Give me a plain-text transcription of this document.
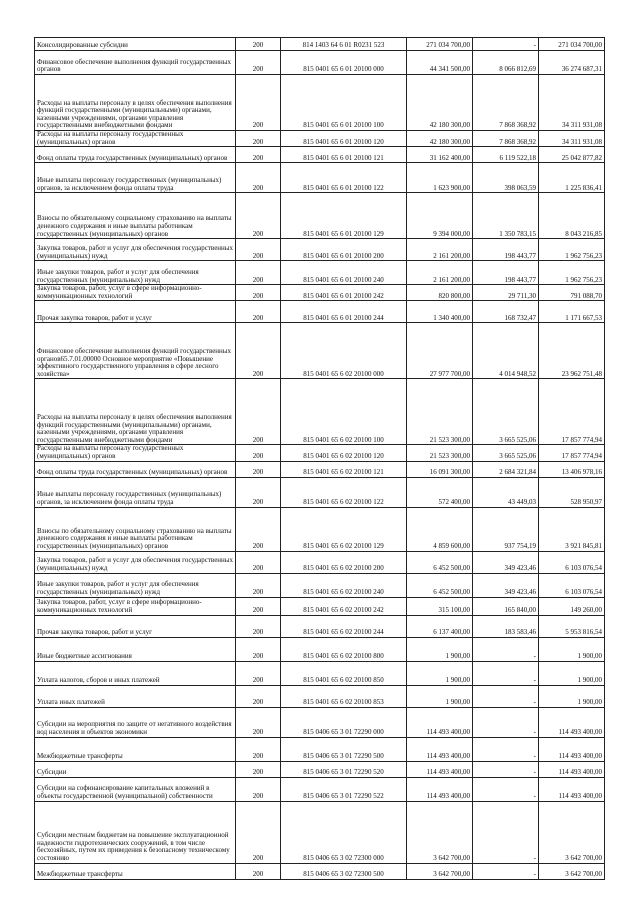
Консолидированные субсидии	200	814 1403 64 6 01 R0231 523	271 034 700,00	-	271 034 700,00
Финансовое обеспечение выполнения функций государственных органов	200	815 0401 65 6 01 20100 000	44 341 500,00	8 066 812,69	36 274 687,31
Расходы на выплаты персоналу в целях обеспечения выполнения функций государственными (муниципальными) органами, казенными учреждениями, органами управления государственными внебюджетными фондами	200	815 0401 65 6 01 20100 100	42 180 300,00	7 868 368,92	34 311 931,08
Расходы на выплаты персоналу государственных (муниципальных) органов	200	815 0401 65 6 01 20100 120	42 180 300,00	7 868 368,92	34 311 931,08
Фонд оплаты труда государственных (муниципальных) органов	200	815 0401 65 6 01 20100 121	31 162 400,00	6 119 522,18	25 042 877,82
Иные выплаты персоналу государственных (муниципальных) органов, за исключением фонда оплаты труда	200	815 0401 65 6 01 20100 122	1 623 900,00	398 063,59	1 225 836,41
Взносы по обязательному социальному страхованию на выплаты денежного содержания и иные выплаты работникам государственных (муниципальных) органов	200	815 0401 65 6 01 20100 129	9 394 000,00	1 350 783,15	8 043 216,85
Закупка товаров, работ и услуг для обеспечения государственных (муниципальных) нужд	200	815 0401 65 6 01 20100 200	2 161 200,00	198 443,77	1 962 756,23
Иные закупки товаров, работ и услуг для обеспечения государственных (муниципальных) нужд	200	815 0401 65 6 01 20100 240	2 161 200,00	198 443,77	1 962 756,23
Закупка товаров, работ, услуг в сфере информационно-коммуникационных технологий	200	815 0401 65 6 01 20100 242	820 800,00	29 711,30	791 088,70
Прочая закупка товаров, работ и услуг	200	815 0401 65 6 01 20100 244	1 340 400,00	168 732,47	1 171 667,53
Финансовое обеспечение выполнения функций государственных органов65.7.01.00000 Основное мероприятие «Повышение эффективного государственного управления в сфере лесного хозяйства»	200	815 0401 65 6 02 20100 000	27 977 700,00	4 014 948,52	23 962 751,48
Расходы на выплаты персоналу в целях обеспечения выполнения функций государственными (муниципальными) органами, казенными учреждениями, органами управления государственными внебюджетными фондами	200	815 0401 65 6 02 20100 100	21 523 300,00	3 665 525,06	17 857 774,94
Расходы на выплаты персоналу государственных (муниципальных) органов	200	815 0401 65 6 02 20100 120	21 523 300,00	3 665 525,06	17 857 774,94
Фонд оплаты труда государственных (муниципальных) органов	200	815 0401 65 6 02 20100 121	16 091 300,00	2 684 321,84	13 406 978,16
Иные выплаты персоналу государственных (муниципальных) органов, за исключением фонда оплаты труда	200	815 0401 65 6 02 20100 122	572 400,00	43 449,03	528 950,97
Взносы по обязательному социальному страхованию на выплаты денежного содержания и иные выплаты работникам государственных (муниципальных) органов	200	815 0401 65 6 02 20100 129	4 859 600,00	937 754,19	3 921 845,81
Закупка товаров, работ и услуг для обеспечения государственных (муниципальных) нужд	200	815 0401 65 6 02 20100 200	6 452 500,00	349 423,46	6 103 076,54
Иные закупки товаров, работ и услуг для обеспечения государственных (муниципальных) нужд	200	815 0401 65 6 02 20100 240	6 452 500,00	349 423,46	6 103 076,54
Закупка товаров, работ, услуг в сфере информационно-коммуникационных технологий	200	815 0401 65 6 02 20100 242	315 100,00	165 840,00	149 260,00
Прочая закупка товаров, работ и услуг	200	815 0401 65 6 02 20100 244	6 137 400,00	183 583,46	5 953 816,54
Иные бюджетные ассигнования	200	815 0401 65 6 02 20100 800	1 900,00	-	1 900,00
Уплата налогов, сборов и иных платежей	200	815 0401 65 6 02 20100 850	1 900,00	-	1 900,00
Уплата иных платежей	200	815 0401 65 6 02 20100 853	1 900,00	-	1 900,00
Субсидии на мероприятия по защите от негативного воздействия вод населения и объектов экономики	200	815 0406 65 3 01 72290 000	114 493 400,00	-	114 493 400,00
Межбюджетные трансферты	200	815 0406 65 3 01 72290 500	114 493 400,00	-	114 493 400,00
Субсидии	200	815 0406 65 3 01 72290 520	114 493 400,00	-	114 493 400,00
Субсидии на софинансирование капитальных вложений в объекты государственной (муниципальной) собственности	200	815 0406 65 3 01 72290 522	114 493 400,00	-	114 493 400,00
Субсидии местным бюджетам на повышение эксплуатационной надежности гидротехнических сооружений, в том числе бесхозяйных, путем их приведения к безопасному техническому состоянию	200	815 0406 65 3 02 72300 000	3 642 700,00	-	3 642 700,00
Межбюджетные трансферты	200	815 0406 65 3 02 72300 500	3 642 700,00	-	3 642 700,00
